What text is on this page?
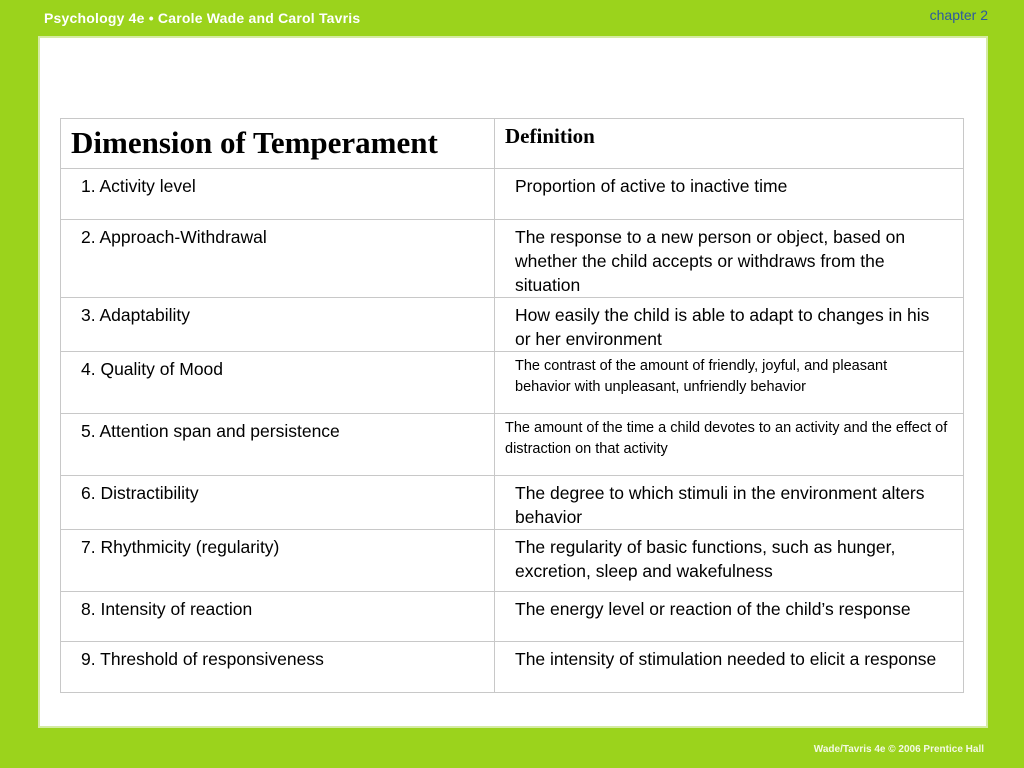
Psychology 4e • Carole Wade and Carol Tavris	chapter 2
Dimension of Temperament	Definition
1. Activity level	Proportion of active to inactive time
2. Approach-Withdrawal	The response to a new person or object, based on whether the child accepts or withdraws from the situation
3. Adaptability	How easily the child is able to adapt to changes in his or her environment
4. Quality of Mood	The contrast of the amount of friendly, joyful, and pleasant behavior with unpleasant, unfriendly behavior
5. Attention span and persistence	The amount of the time a child devotes to an activity and the effect of distraction on that activity
6. Distractibility	The degree to which stimuli in the environment alters behavior
7. Rhythmicity (regularity)	The regularity of basic functions, such as hunger, excretion, sleep and wakefulness
8. Intensity of reaction	The energy level or reaction of the child’s response
9. Threshold of responsiveness	The intensity of stimulation needed to elicit a response
Wade/Tavris 4e © 2006 Prentice Hall
